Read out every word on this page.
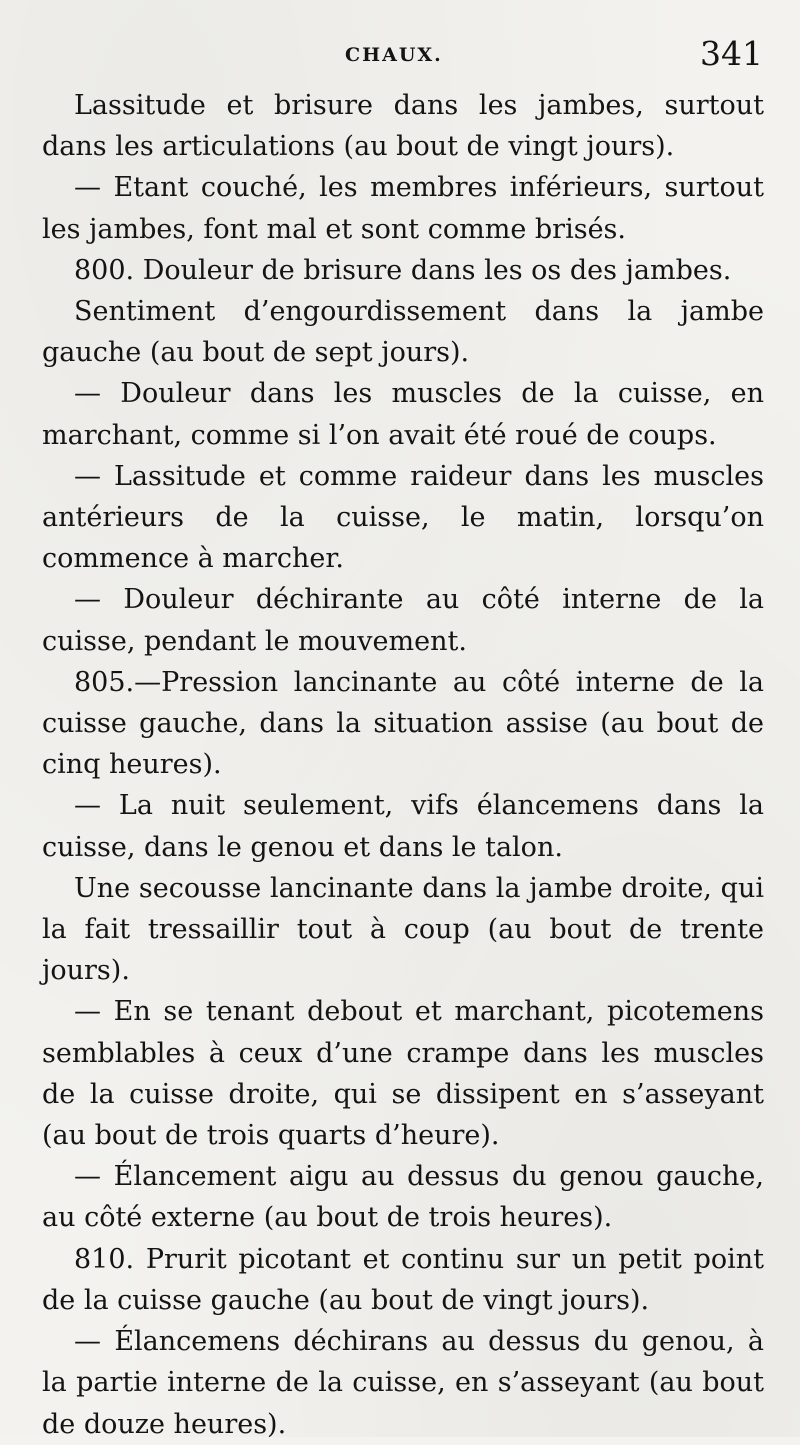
CHAUX.	341

Lassitude et brisure dans les jambes, surtout dans les articulations (au bout de vingt jours).

— Etant couché, les membres inférieurs, surtout les jambes, font mal et sont comme brisés.

800. Douleur de brisure dans les os des jambes.

Sentiment d’engourdissement dans la jambe gauche (au bout de sept jours).

— Douleur dans les muscles de la cuisse, en marchant, comme si l’on avait été roué de coups.

— Lassitude et comme raideur dans les muscles antérieurs de la cuisse, le matin, lorsqu’on commence à marcher.

— Douleur déchirante au côté interne de la cuisse, pendant le mouvement.

805.—Pression lancinante au côté interne de la cuisse gauche, dans la situation assise (au bout de cinq heures).

— La nuit seulement, vifs élancemens dans la cuisse, dans le genou et dans le talon.

Une secousse lancinante dans la jambe droite, qui la fait tressaillir tout à coup (au bout de trente jours).

— En se tenant debout et marchant, picotemens semblables à ceux d’une crampe dans les muscles de la cuisse droite, qui se dissipent en s’asseyant (au bout de trois quarts d’heure).

— Élancement aigu au dessus du genou gauche, au côté externe (au bout de trois heures).

810. Prurit picotant et continu sur un petit point de la cuisse gauche (au bout de vingt jours).

— Élancemens déchirans au dessus du genou, à la partie interne de la cuisse, en s’asseyant (au bout de douze heures).
